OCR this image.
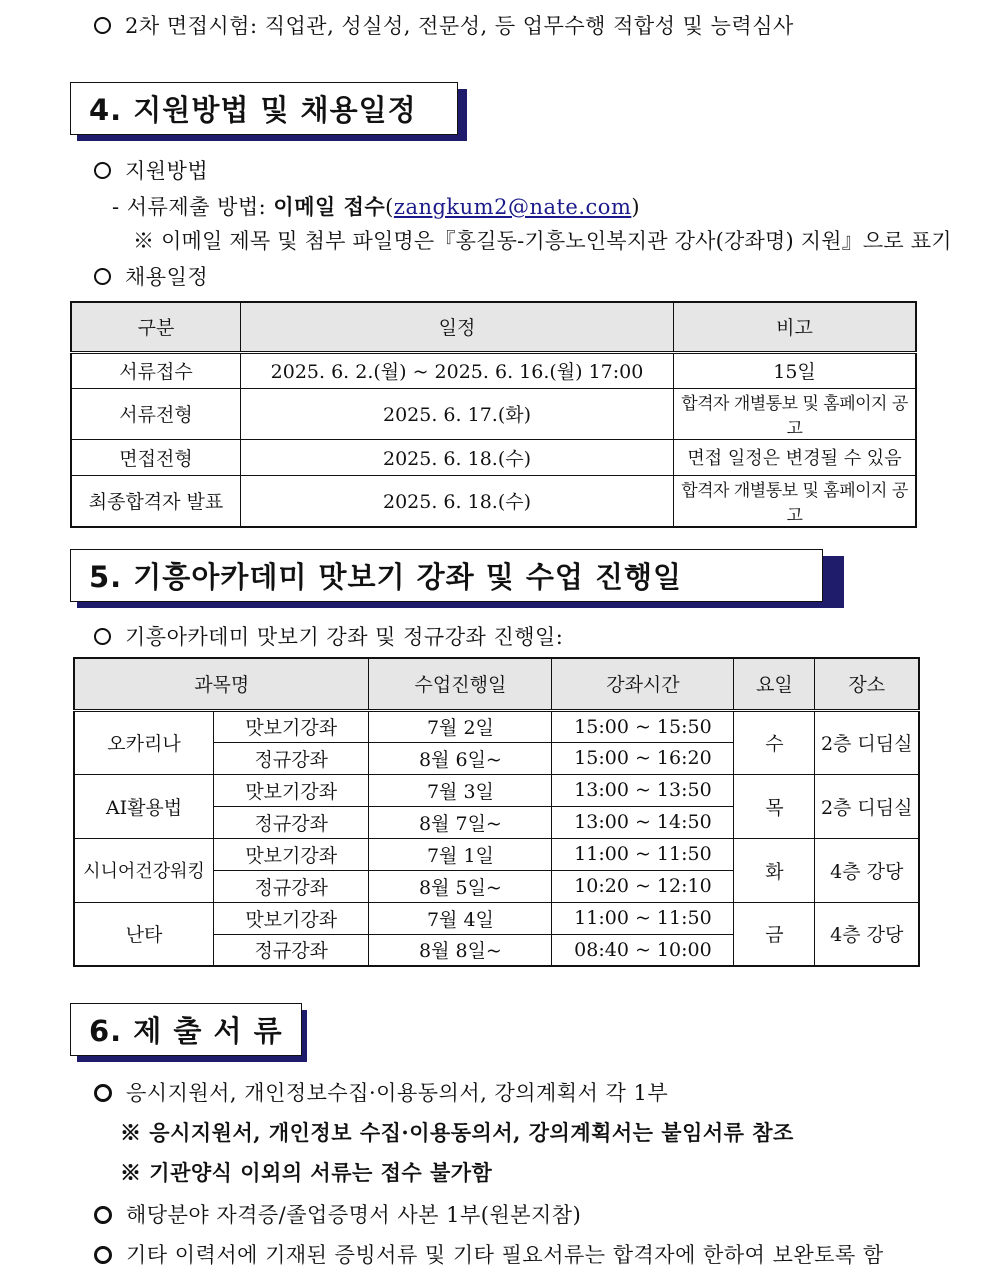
2차 면접시험: 직업관, 성실성, 전문성, 등 업무수행 적합성 및 능력심사
4. 지원방법 및 채용일정
지원방법
- 서류제출 방법: 이메일 접수(zangkum2@nate.com)
※ 이메일 제목 및 첨부 파일명은『홍길동-기흥노인복지관 강사(강좌명) 지원』으로 표기
채용일정
구분	일정	비고
서류접수	2025. 6. 2.(월) ~ 2025. 6. 16.(월) 17:00	15일
서류전형	2025. 6. 17.(화)	합격자 개별통보 및 홈페이지 공고
면접전형	2025. 6. 18.(수)	면접 일정은 변경될 수 있음
최종합격자 발표	2025. 6. 18.(수)	합격자 개별통보 및 홈페이지 공고
5. 기흥아카데미 맛보기 강좌 및 수업 진행일
기흥아카데미 맛보기 강좌 및 정규강좌 진행일:
과목명		수업진행일	강좌시간	요일	장소
오카리나	맛보기강좌	7월 2일	15:00 ~ 15:50	수	2층 디딤실
	정규강좌	8월 6일~	15:00 ~ 16:20		
AI활용법	맛보기강좌	7월 3일	13:00 ~ 13:50	목	2층 디딤실
	정규강좌	8월 7일~	13:00 ~ 14:50		
시니어건강워킹	맛보기강좌	7월 1일	11:00 ~ 11:50	화	4층 강당
	정규강좌	8월 5일~	10:20 ~ 12:10		
난타	맛보기강좌	7월 4일	11:00 ~ 11:50	금	4층 강당
	정규강좌	8월 8일~	08:40 ~ 10:00		
6. 제 출 서 류
응시지원서, 개인정보수집·이용동의서, 강의계획서 각 1부
※ 응시지원서, 개인정보 수집·이용동의서, 강의계획서는 붙임서류 참조
※ 기관양식 이외의 서류는 접수 불가함
해당분야 자격증/졸업증명서 사본 1부(원본지참)
기타 이력서에 기재된 증빙서류 및 기타 필요서류는 합격자에 한하여 보완토록 함
